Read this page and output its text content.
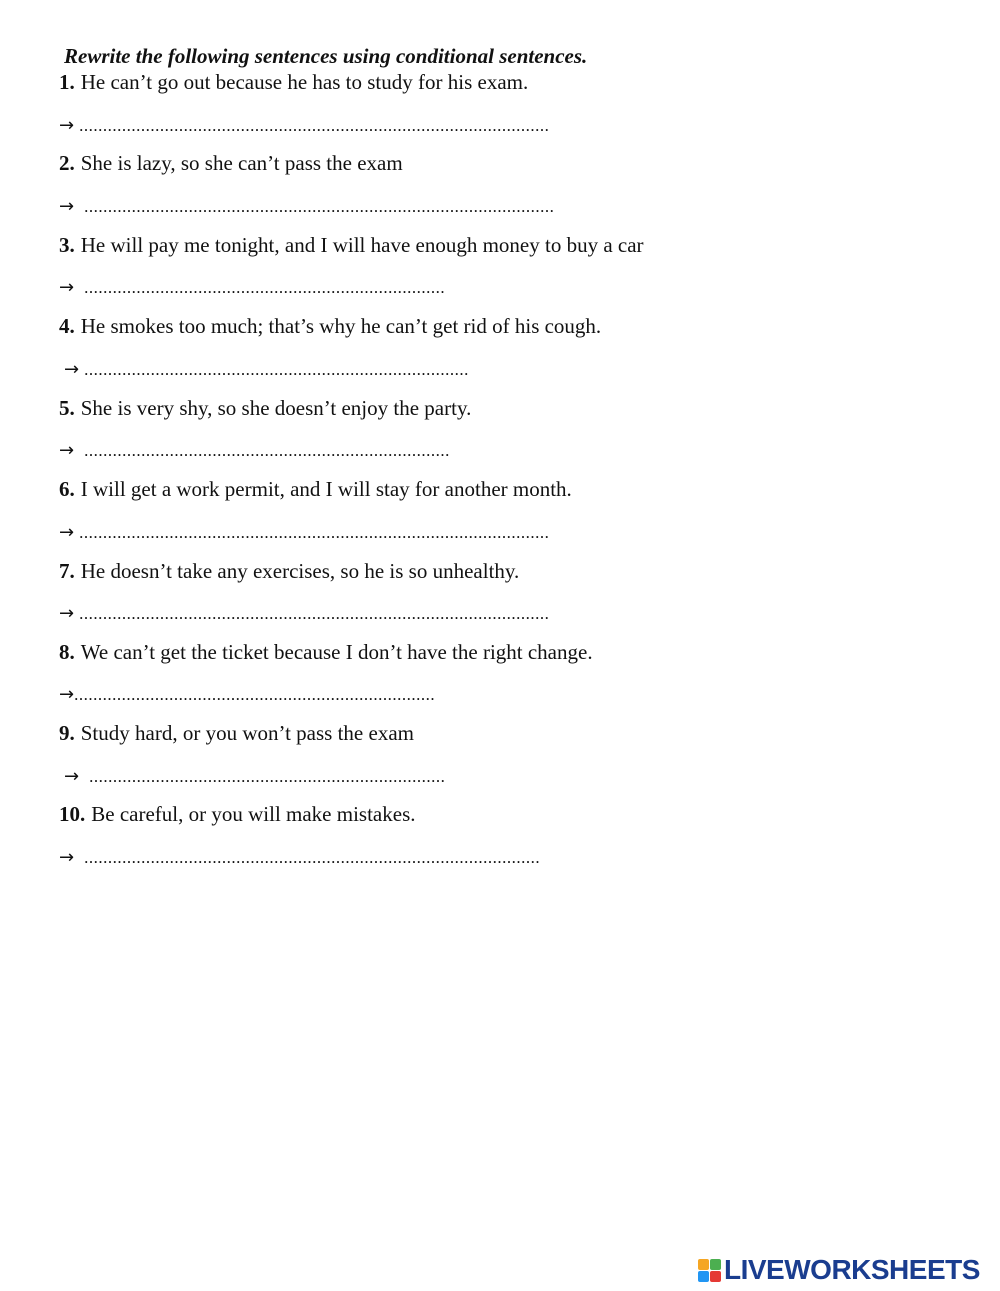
Rewrite the following sentences using conditional sentences.
1. He can’t go out because he has to study for his exam.
→ ...................................................................................................
2. She is lazy, so she can’t pass the exam
→ ...................................................................................................
3. He will pay me tonight, and I will have enough money to buy a car
→ ............................................................................
4. He smokes too much; that’s why he can’t get rid of his cough.
→ .................................................................................
5. She is very shy, so she doesn’t enjoy the party.
→ .............................................................................
6. I will get a work permit, and I will stay for another month.
→ ...................................................................................................
7. He doesn’t take any exercises, so he is so unhealthy.
→ ...................................................................................................
8. We can’t get the ticket because I don’t have the right change.
→............................................................................
9. Study hard, or you won’t pass the exam
→ ...........................................................................
10. Be careful, or you will make mistakes.
→ ................................................................................................
LIVEWORKSHEETS
